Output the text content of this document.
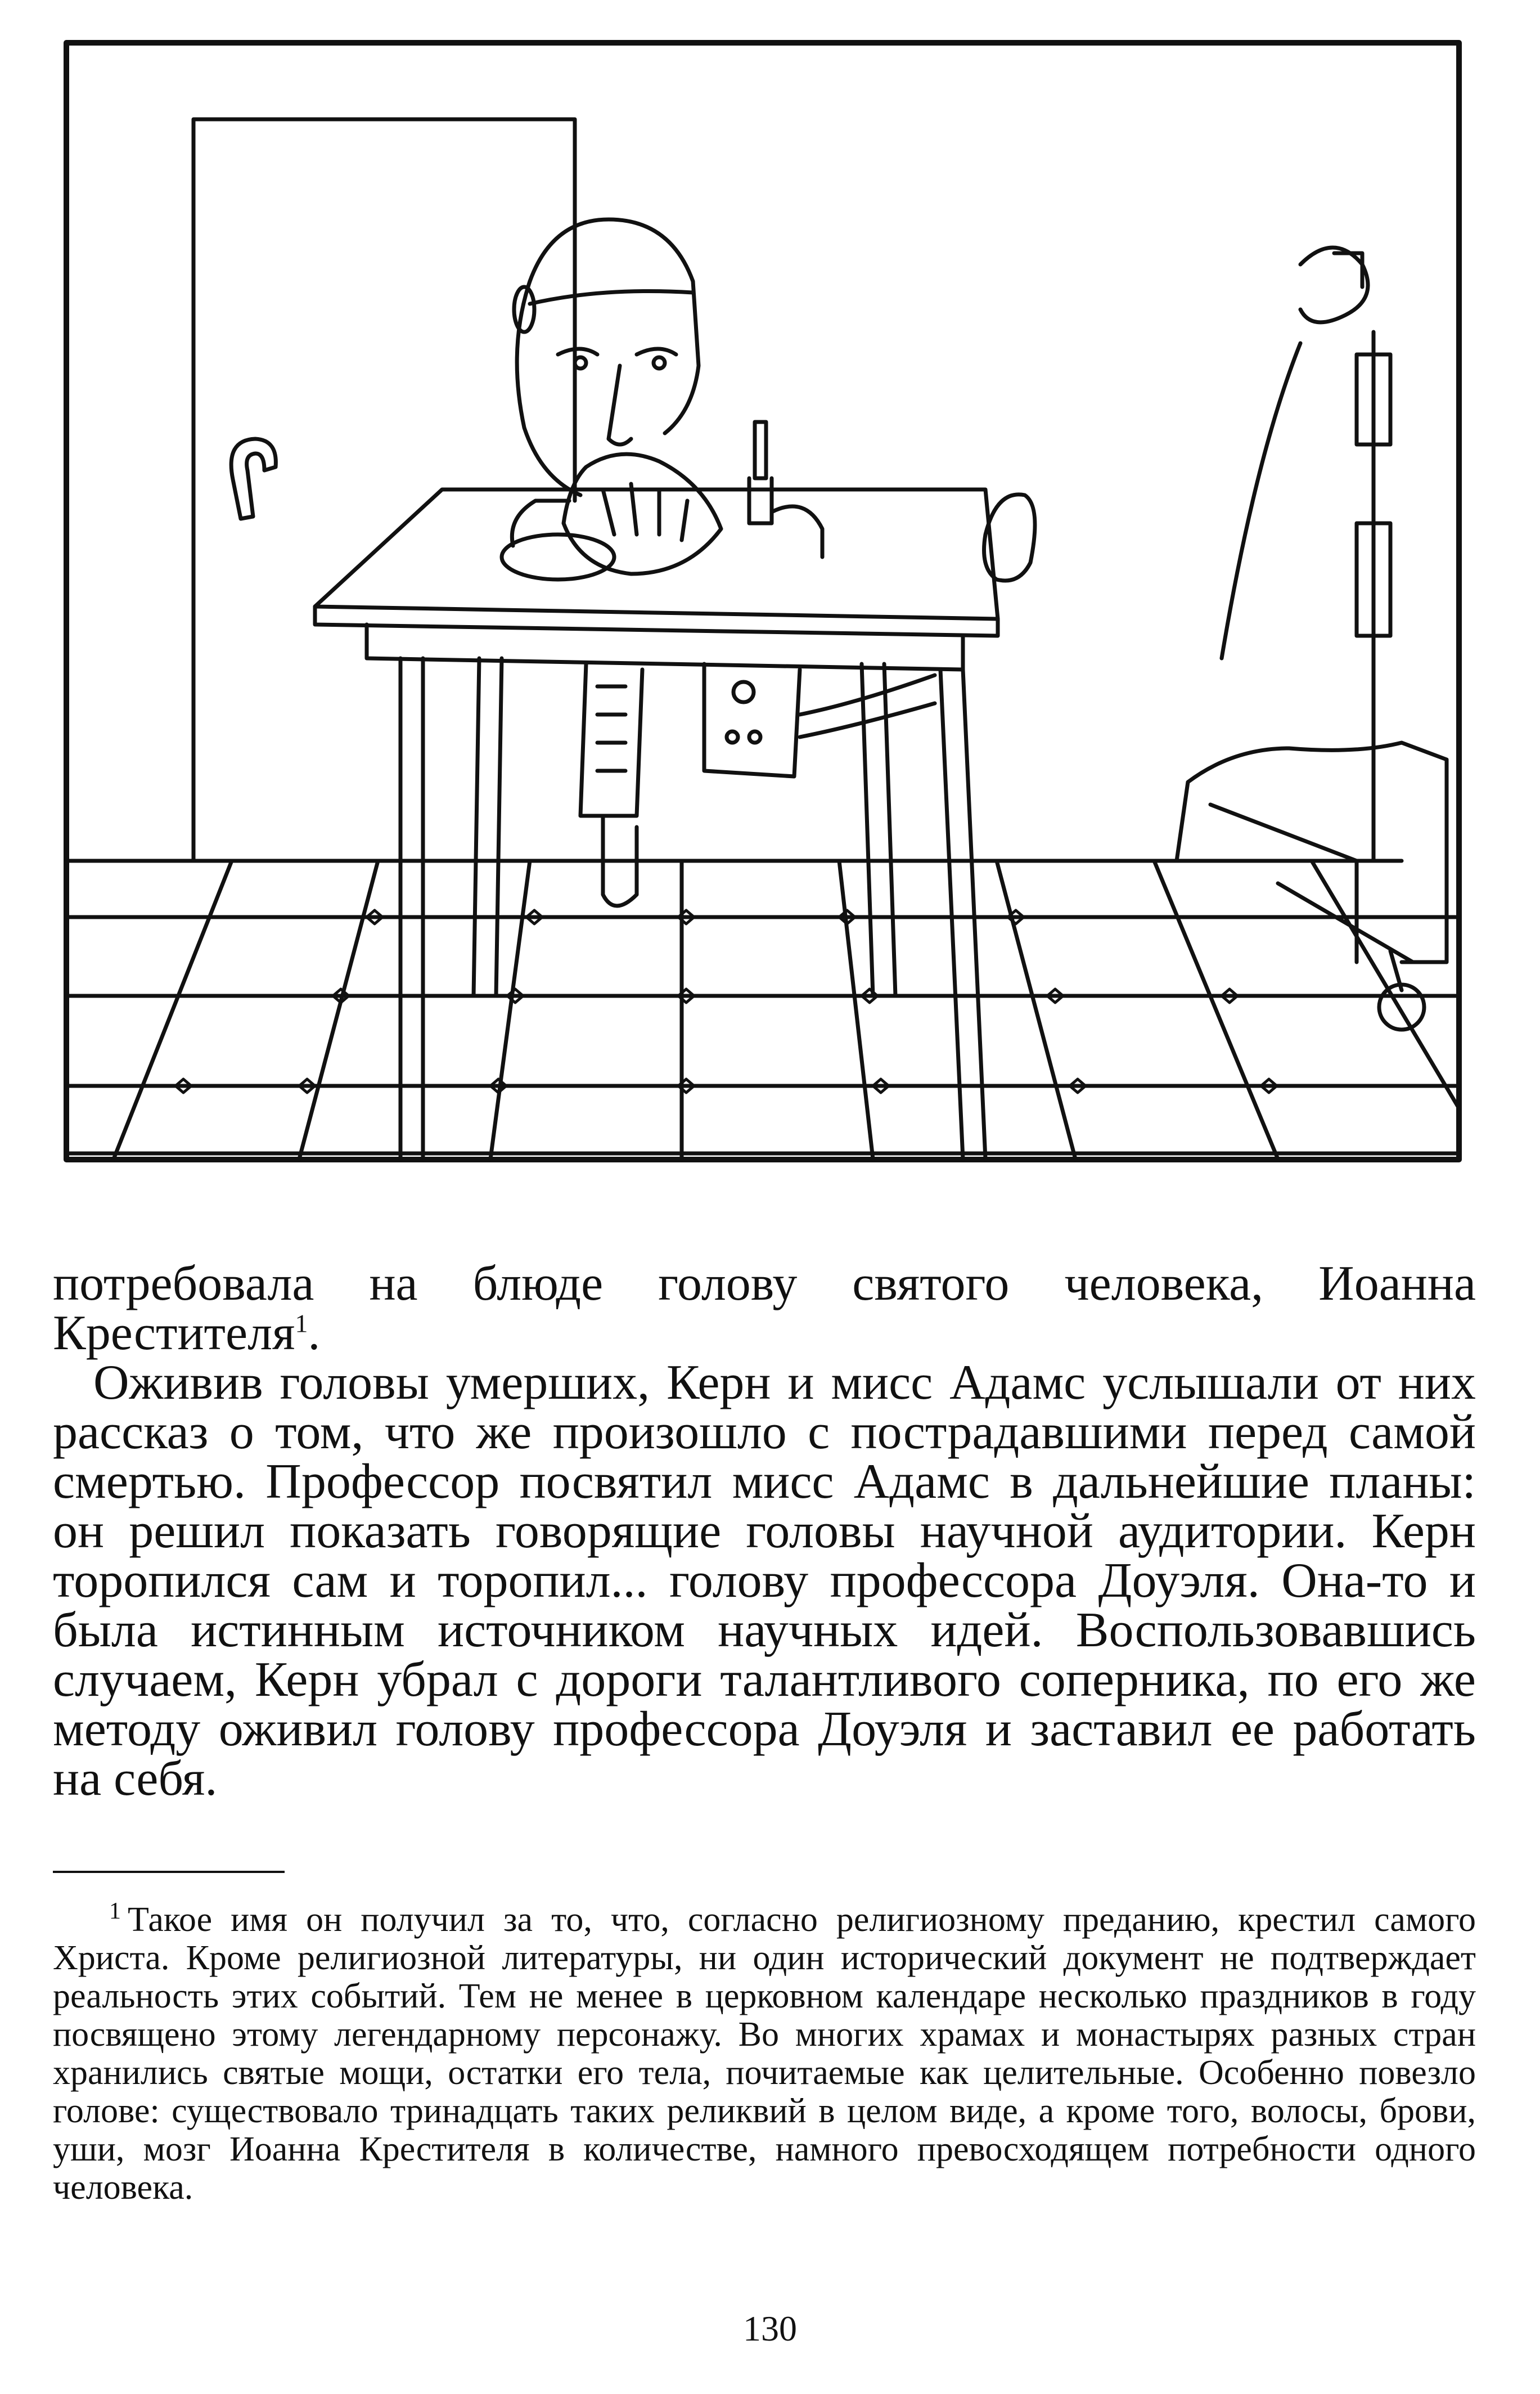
потребовала на блюде голову святого человека, Иоанна Крестителя$^1$.

Оживив головы умерших, Керн и мисс Адамс услышали от них рассказ о том, что же произошло с пострадавшими перед самой смертью. Профессор посвятил мисс Адамс в дальнейшие планы: он решил показать говорящие головы научной аудитории. Керн торопился сам и торопил... голову профессора Доуэля. Она-то и была истинным источником научных идей. Воспользовавшись случаем, Керн убрал с дороги талантливого соперника, по его же методу оживил голову профессора Доуэля и заставил ее работать на себя.

$^1$ Такое имя он получил за то, что, согласно религиозному преданию, крестил самого Христа. Кроме религиозной литературы, ни один исторический документ не подтверждает реальность этих событий. Тем не менее в церковном календаре несколько праздников в году посвящено этому легендарному персонажу. Во многих храмах и монастырях разных стран хранились святые мощи, остатки его тела, почитаемые как целительные. Особенно повезло голове: существовало тринадцать таких реликвий в целом виде, а кроме того, волосы, брови, уши, мозг Иоанна Крестителя в количестве, намного превосходящем потребности одного человека.

130
